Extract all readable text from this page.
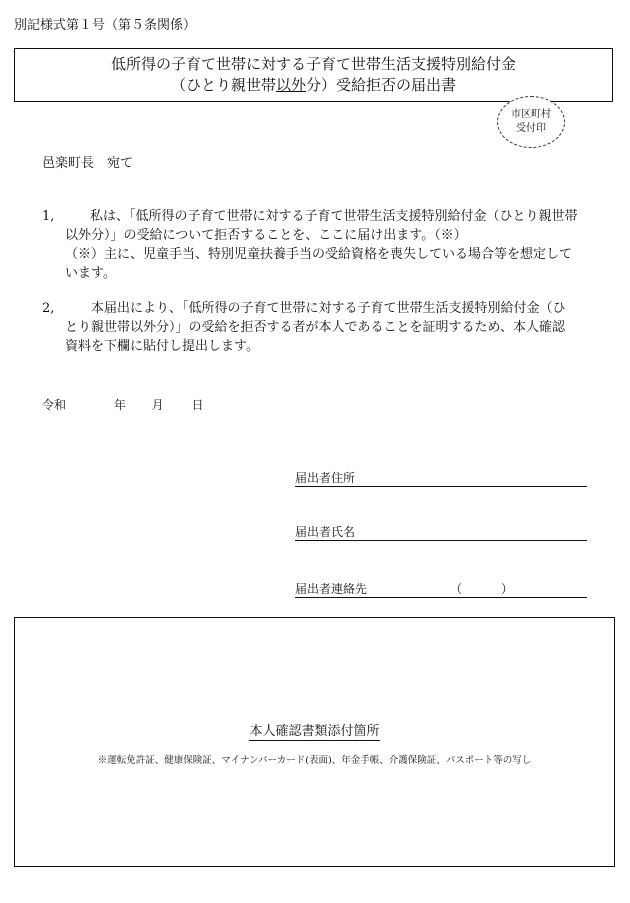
別記様式第１号（第５条関係）
低所得の子育て世帯に対する子育て世帯生活支援特別給付金
（ひとり親世帯以外分）受給拒否の届出書
市区町村
受付印
邑楽町長　宛て
1,	私は、「低所得の子育て世帯に対する子育て世帯生活支援特別給付金（ひとり親世帯
以外分）」の受給について拒否することを、ここに届け出ます。（※）
（※）主に、児童手当、特別児童扶養手当の受給資格を喪失している場合等を想定して
います。
2,	本届出により、「低所得の子育て世帯に対する子育て世帯生活支援特別給付金（ひ
とり親世帯以外分）」の受給を拒否する者が本人であることを証明するため、本人確認
資料を下欄に貼付し提出します。
令和	年 月 日
届出者住所
届出者氏名
届出者連絡先	（	）
本人確認書類添付箇所
※運転免許証、健康保険証、マイナンバーカード(表面)、年金手帳、介護保険証、パスポート等の写し
